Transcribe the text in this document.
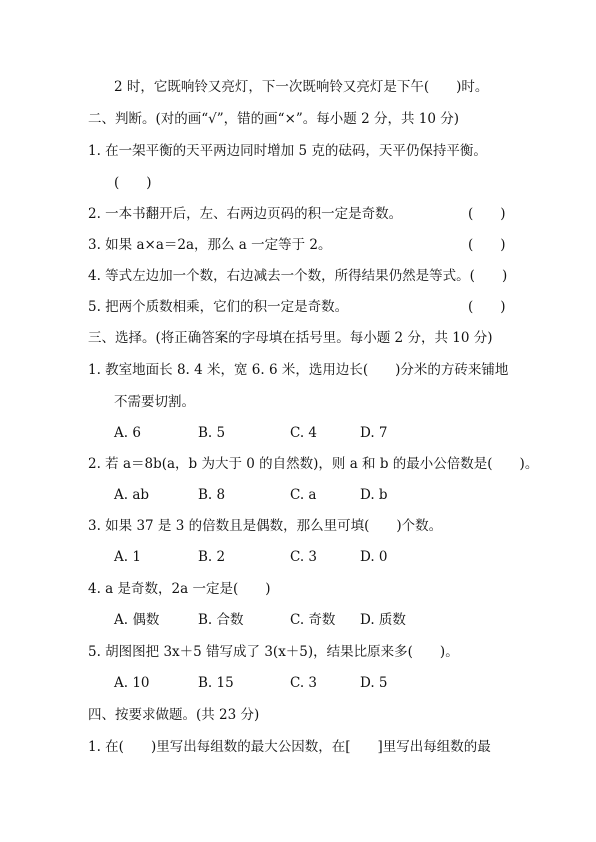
2 时，它既响铃又亮灯，下一次既响铃又亮灯是下午(　　)时。
二、判断。(对的画“√”，错的画“×”。每小题 2 分，共 10 分)
1. 在一架平衡的天平两边同时增加 5 克的砝码，天平仍保持平衡。
(　　)
2. 一本书翻开后，左、右两边页码的积一定是奇数。	(　　)
3. 如果 a×a＝2a，那么 a 一定等于 2。	(　　)
4. 等式左边加一个数，右边减去一个数，所得结果仍然是等式。(　　)
5. 把两个质数相乘，它们的积一定是奇数。	(　　)
三、选择。(将正确答案的字母填在括号里。每小题 2 分，共 10 分)
1. 教室地面长 8. 4 米，宽 6. 6 米，选用边长(　　)分米的方砖来铺地
不需要切割。
A. 6	B. 5	C. 4	D. 7
2. 若 a＝8b(a，b 为大于 0 的自然数)，则 a 和 b 的最小公倍数是(　　)。
A. ab	B. 8	C. a	D. b
3. 如果 37 是 3 的倍数且是偶数，那么里可填(　　)个数。
A. 1	B. 2	C. 3	D. 0
4. a 是奇数，2a 一定是(　　)
A. 偶数	B. 合数	C. 奇数 D. 质数
5. 胡图图把 3x＋5 错写成了 3(x＋5)，结果比原来多(　　)。
A. 10	B. 15	C. 3	D. 5
四、按要求做题。(共 23 分)
1. 在(　　)里写出每组数的最大公因数，在[　　]里写出每组数的最
